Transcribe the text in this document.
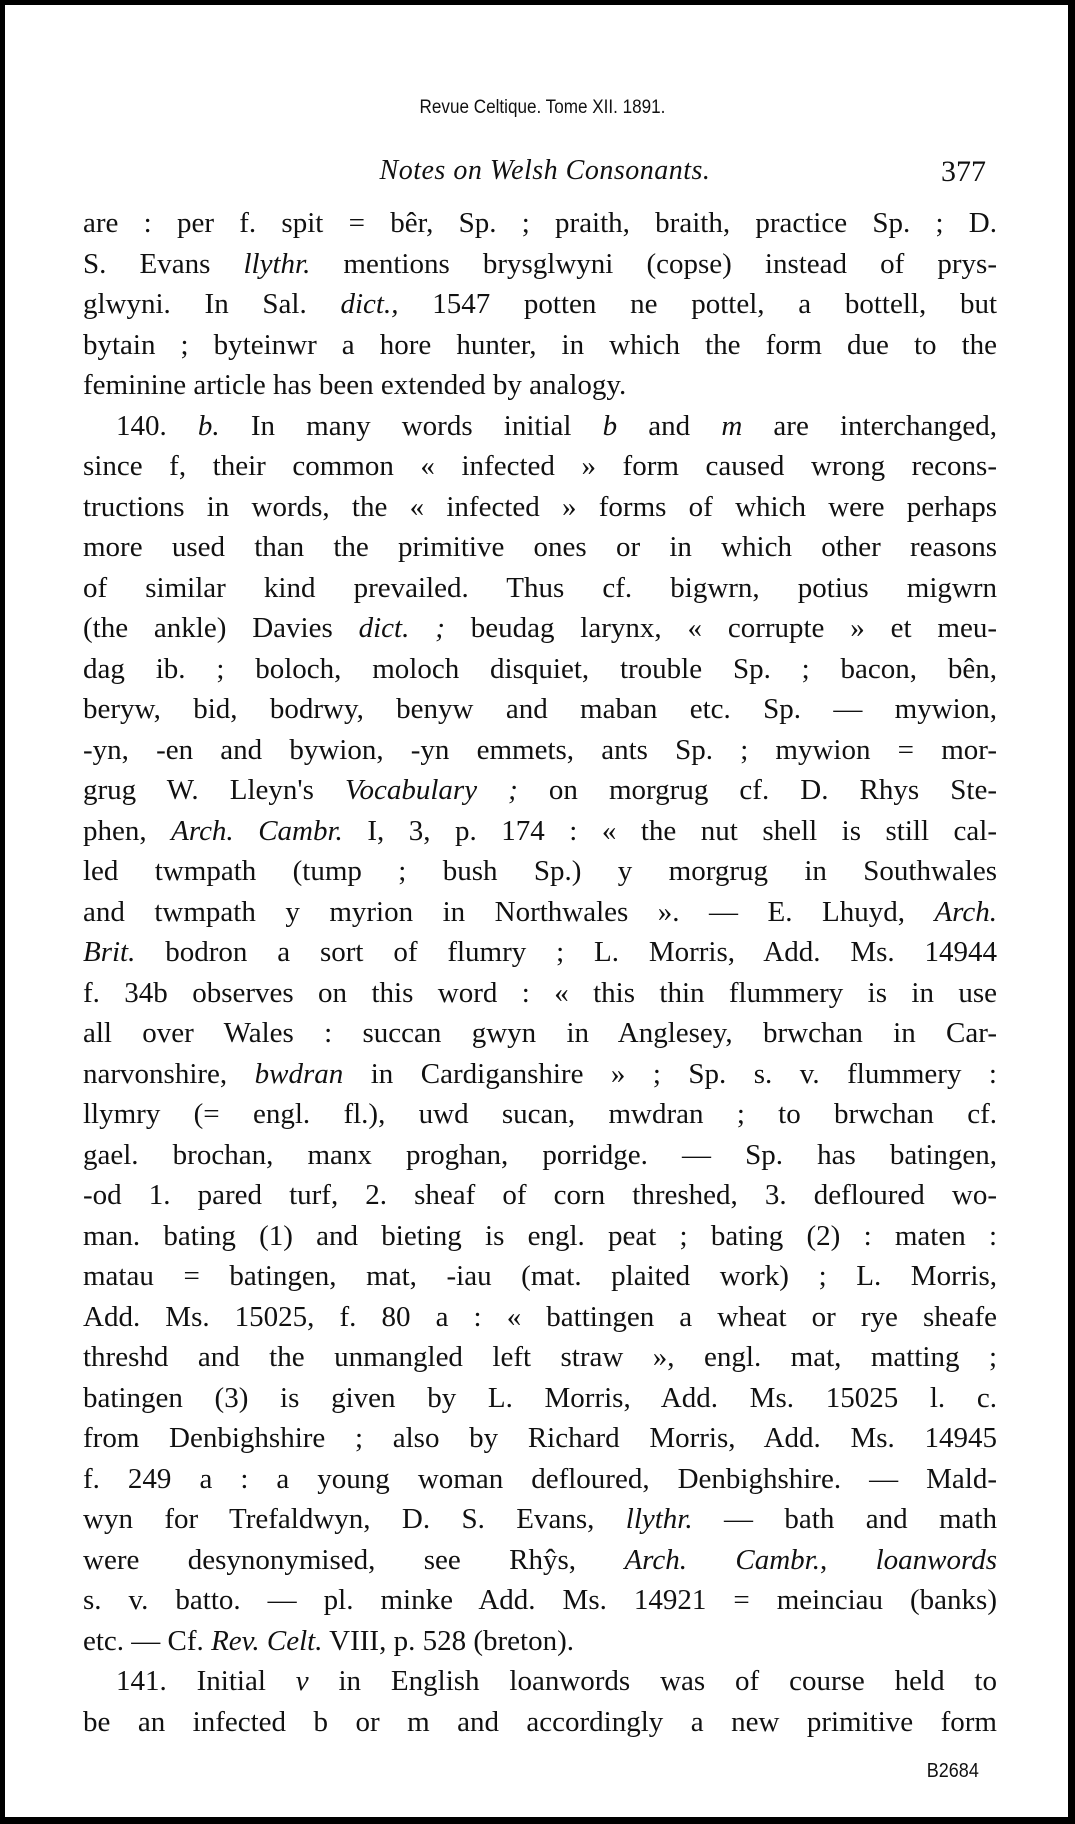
Revue Celtique. Tome XII. 1891.
Notes on Welsh Consonants.	377
are : per f. spit = bêr, Sp. ; praith, braith, practice Sp. ; D.
S. Evans llythr. mentions brysglwyni (copse) instead of prys-
glwyni. In Sal. dict., 1547 potten ne pottel, a bottell, but
bytain ; byteinwr a hore hunter, in which the form due to the
feminine article has been extended by analogy.
140. b. In many words initial b and m are interchanged,
since f, their common « infected » form caused wrong recons-
tructions in words, the « infected » forms of which were perhaps
more used than the primitive ones or in which other reasons
of similar kind prevailed. Thus cf. bigwrn, potius migwrn
(the ankle) Davies dict. ; beudag larynx, « corrupte » et meu-
dag ib. ; boloch, moloch disquiet, trouble Sp. ; bacon, bên,
beryw, bid, bodrwy, benyw and maban etc. Sp. — mywion,
-yn, -en and bywion, -yn emmets, ants Sp. ; mywion = mor-
grug W. Lleyn's Vocabulary ; on morgrug cf. D. Rhys Ste-
phen, Arch. Cambr. I, 3, p. 174 : « the nut shell is still cal-
led twmpath (tump ; bush Sp.) y morgrug in Southwales
and twmpath y myrion in Northwales ». — E. Lhuyd, Arch.
Brit. bodron a sort of flumry ; L. Morris, Add. Ms. 14944
f. 34b observes on this word : « this thin flummery is in use
all over Wales : succan gwyn in Anglesey, brwchan in Car-
narvonshire, bwdran in Cardiganshire » ; Sp. s. v. flummery :
llymry (= engl. fl.), uwd sucan, mwdran ; to brwchan cf.
gael. brochan, manx proghan, porridge. — Sp. has batingen,
-od 1. pared turf, 2. sheaf of corn threshed, 3. defloured wo-
man. bating (1) and bieting is engl. peat ; bating (2) : maten :
matau = batingen, mat, -iau (mat. plaited work) ; L. Morris,
Add. Ms. 15025, f. 80 a : « battingen a wheat or rye sheafe
threshd and the unmangled left straw », engl. mat, matting ;
batingen (3) is given by L. Morris, Add. Ms. 15025 l. c.
from Denbighshire ; also by Richard Morris, Add. Ms. 14945
f. 249 a : a young woman defloured, Denbighshire. — Mald-
wyn for Trefaldwyn, D. S. Evans, llythr. — bath and math
were desynonymised, see Rhŷs, Arch. Cambr., loanwords
s. v. batto. — pl. minke Add. Ms. 14921 = meinciau (banks)
etc. — Cf. Rev. Celt. VIII, p. 528 (breton).
141. Initial v in English loanwords was of course held to
be an infected b or m and accordingly a new primitive form
B2684
